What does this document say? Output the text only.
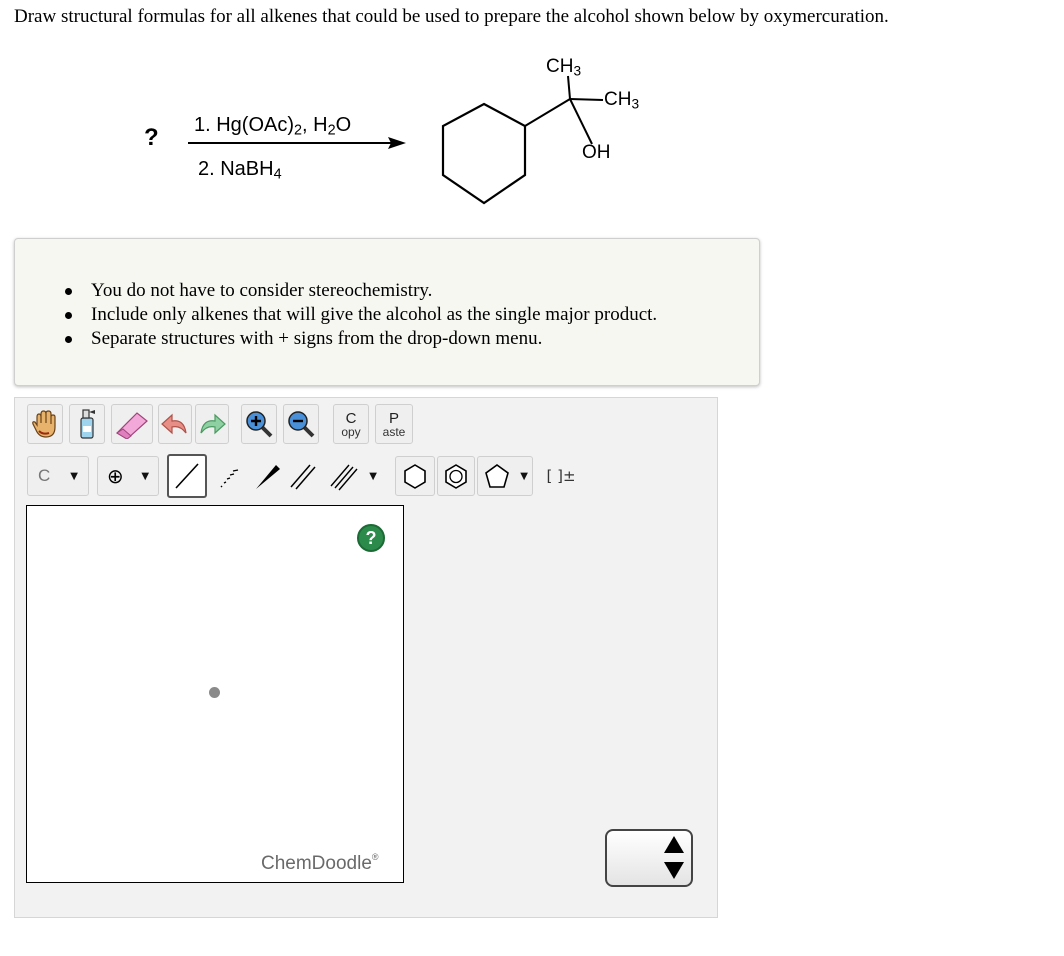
Draw structural formulas for all alkenes that could be used to prepare the alcohol shown below by oxymercuration.
? 1. $Hg(OAc)_2$, $H_2O$
2. NaBH$_4$
$CH_3$
$CH_3$
OH
You do not have to consider stereochemistry.
Include only alkenes that will give the alcohol as the single major product.
Separate structures with + signs from the drop-down menu.
C
opy
P
aste
C ▼ ⊕ ▼	▼	▼ [ ]±
?
ChemDoodle®
